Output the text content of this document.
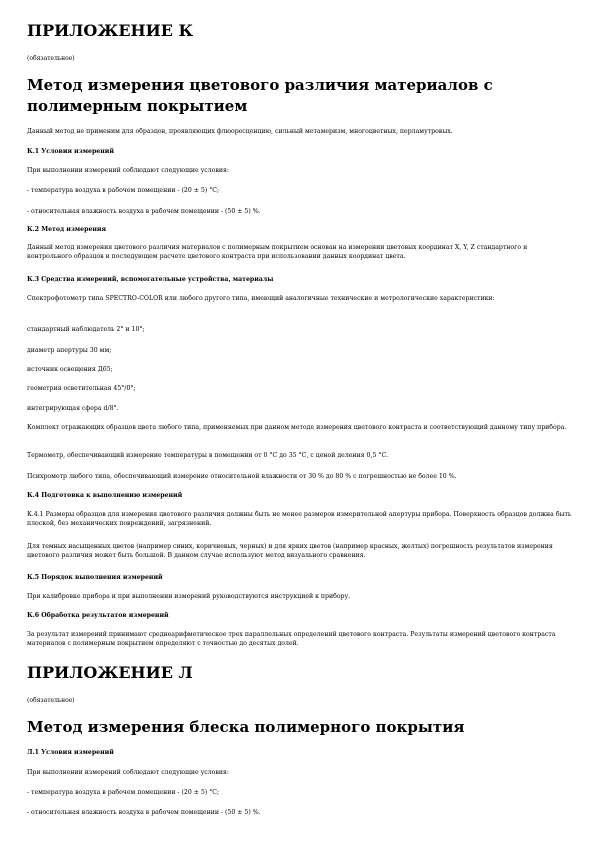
ПРИЛОЖЕНИЕ К
(обязательное)
Метод измерения цветового различия материалов с полимерным покрытием
Данный метод не применим для образцов, проявляющих флюоресценцию, сильный метамеризм, многоцветных, перламутровых.
К.1 Условия измерений
При выполнении измерений соблюдают следующие условия:
- температура воздуха в рабочем помещении - (20 ± 5) °С;
- относительная влажность воздуха в рабочем помещении - (50 ± 5) %.
К.2 Метод измерения
Данный метод измерения цветового различия материалов с полимерным покрытием основан на измерении цветовых координат X, Y, Z стандартного и контрольного образцов и последующем расчете цветового контраста при использовании данных координат цвета.
К.3 Средства измерений, вспомогательные устройства, материалы
Спектрофотометр типа SPECTRO-COLOR или любого другого типа, имеющий аналогичные технические и метрологические характеристики:
стандартный наблюдатель 2° и 10°;
диаметр апертуры 30 мм;
источник освещения Д65;
геометрия осветительная 45°/0°;
интегрирующая сфера d/8°.
Комплект отражающих образцов цвета любого типа, применяемых при данном методе измерения цветового контраста и соответствующий данному типу прибора.
Термометр, обеспечивающий измерение температуры в помещении от 0 °С до 35 °С, с ценой деления 0,5 °С.
Психрометр любого типа, обеспечивающий измерение относительной влажности от 30 % до 80 % с погрешностью не более 10 %.
К.4 Подготовка к выполнению измерений
К.4.1 Размеры образцов для измерения цветового различия должны быть не менее размеров измерительной апертуры прибора. Поверхность образцов должна быть плоской, без механических повреждений, загрязнений.
Для темных насыщенных цветов (например синих, коричневых, черных) и для ярких цветов (например красных, желтых) погрешность результатов измерения цветового различия может быть большой. В данном случае используют метод визуального сравнения.
К.5 Порядок выполнения измерений
При калибровке прибора и при выполнении измерений руководствуются инструкцией к прибору.
К.6 Обработка результатов измерений
За результат измерений принимают среднеарифметическое трех параллельных определений цветового контраста. Результаты измерений цветового контраста материалов с полимерным покрытием определяют с точностью до десятых долей.
ПРИЛОЖЕНИЕ Л
(обязательное)
Метод измерения блеска полимерного покрытия
Л.1 Условия измерений
При выполнении измерений соблюдают следующие условия:
- температура воздуха в рабочем помещении - (20 ± 5) °С;
- относительная влажность воздуха в рабочем помещении - (50 ± 5) %.
